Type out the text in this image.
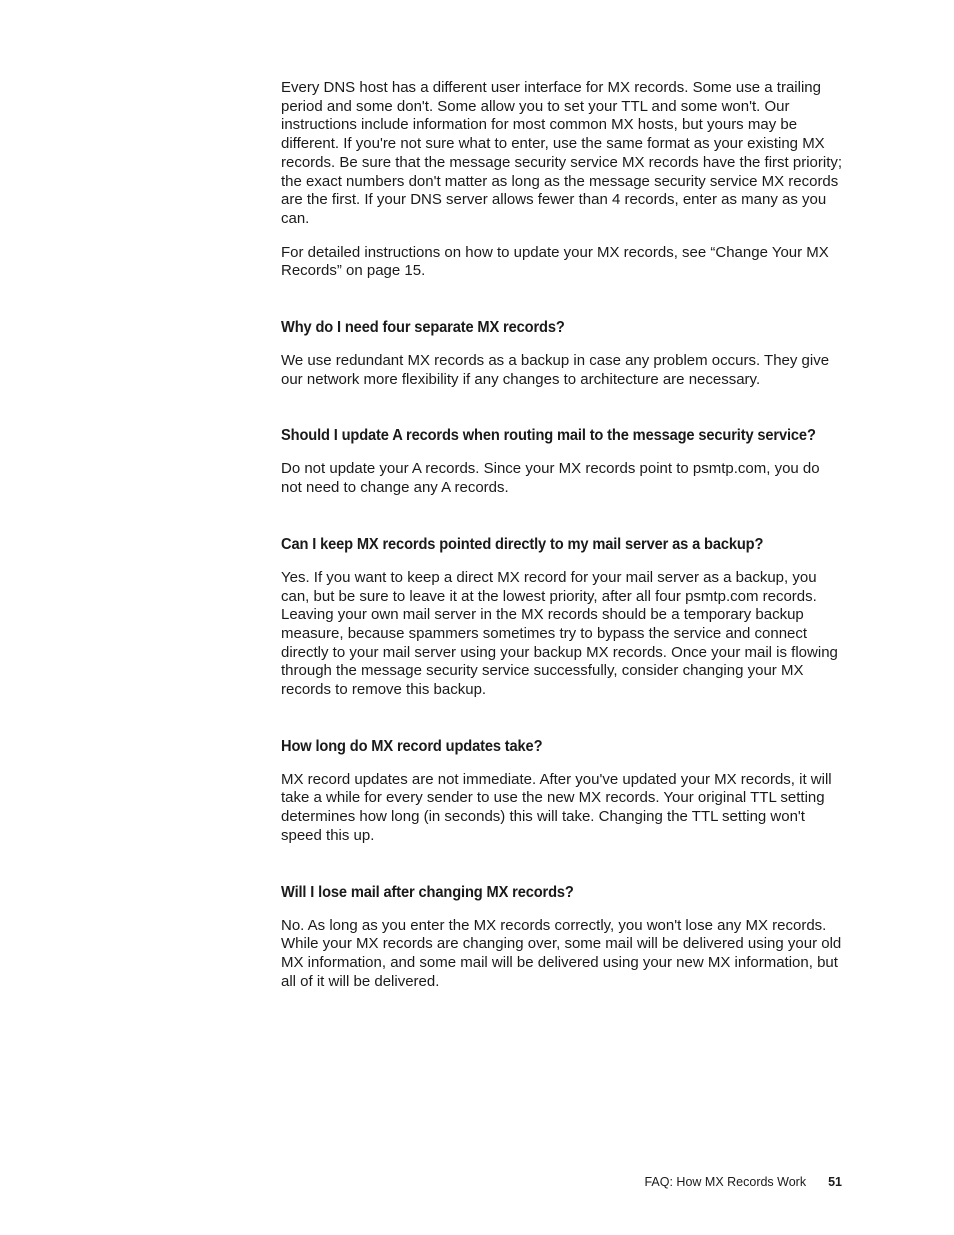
Every DNS host has a different user interface for MX records. Some use a trailing period and some don't. Some allow you to set your TTL and some won't. Our instructions include information for most common MX hosts, but yours may be different. If you're not sure what to enter, use the same format as your existing MX records. Be sure that the message security service MX records have the first priority; the exact numbers don't matter as long as the message security service MX records are the first. If your DNS server allows fewer than 4 records, enter as many as you can.

For detailed instructions on how to update your MX records, see “Change Your MX Records” on page 15.

Why do I need four separate MX records?

We use redundant MX records as a backup in case any problem occurs. They give our network more flexibility if any changes to architecture are necessary.

Should I update A records when routing mail to the message security service?

Do not update your A records. Since your MX records point to psmtp.com, you do not need to change any A records.

Can I keep MX records pointed directly to my mail server as a backup?

Yes. If you want to keep a direct MX record for your mail server as a backup, you can, but be sure to leave it at the lowest priority, after all four psmtp.com records. Leaving your own mail server in the MX records should be a temporary backup measure, because spammers sometimes try to bypass the service and connect directly to your mail server using your backup MX records. Once your mail is flowing through the message security service successfully, consider changing your MX records to remove this backup.

How long do MX record updates take?

MX record updates are not immediate. After you've updated your MX records, it will take a while for every sender to use the new MX records. Your original TTL setting determines how long (in seconds) this will take. Changing the TTL setting won't speed this up.

Will I lose mail after changing MX records?

No. As long as you enter the MX records correctly, you won't lose any MX records. While your MX records are changing over, some mail will be delivered using your old MX information, and some mail will be delivered using your new MX information, but all of it will be delivered.

FAQ: How MX Records Work 51
